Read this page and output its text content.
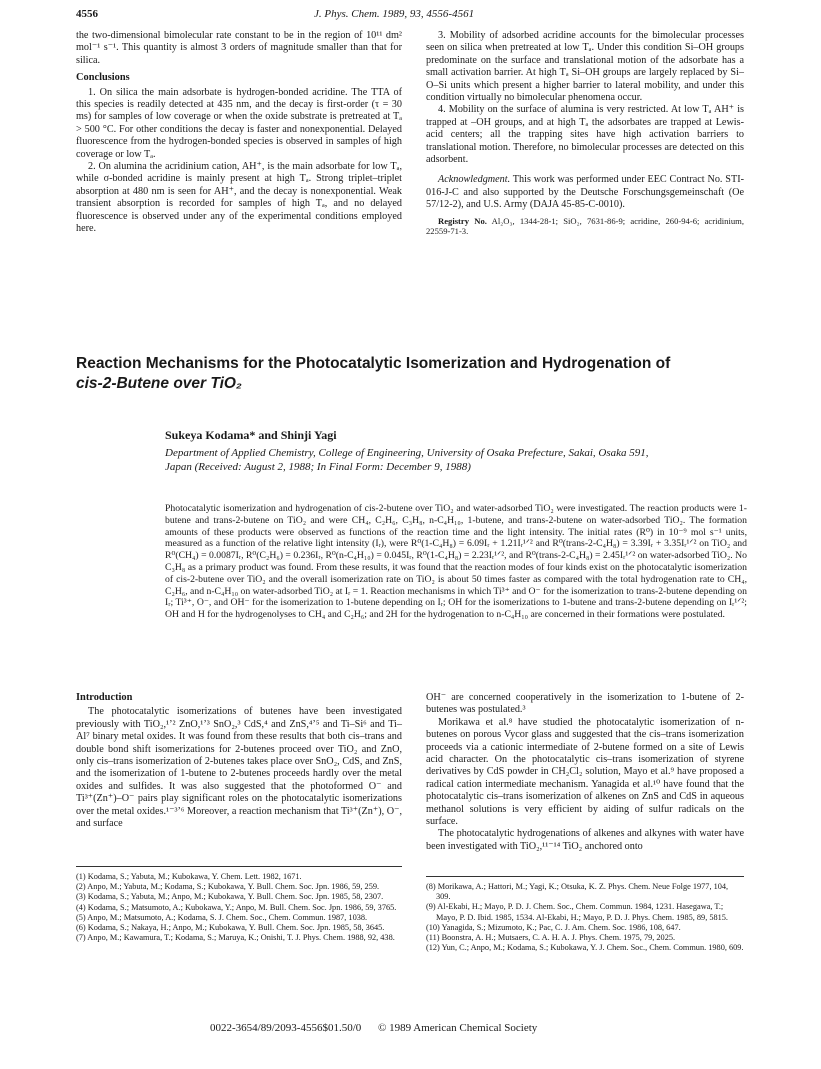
4556	J. Phys. Chem. 1989, 93, 4556-4561

the two-dimensional bimolecular rate constant to be in the region of 10¹¹ dm² mol⁻¹ s⁻¹. This quantity is almost 3 orders of magnitude smaller than that for silica.

Conclusions

1. On silica the main adsorbate is hydrogen-bonded acridine. The TTA of this species is readily detected at 435 nm, and the decay is first-order (τ = 30 ms) for samples of low coverage or when the oxide substrate is pretreated at Tₐ > 500 °C. For other conditions the decay is faster and nonexponential. Delayed fluorescence from the hydrogen-bonded species is observed in samples of high coverage or low Tₐ.

2. On alumina the acridinium cation, AH⁺, is the main adsorbate for low Tₐ, while σ-bonded acridine is mainly present at high Tₐ. Strong triplet–triplet absorption at 480 nm is seen for AH⁺, and the decay is nonexponential. Weak transient absorption is recorded for samples of high Tₐ, and no delayed fluorescence is observed under any of the experimental conditions employed here.

3. Mobility of adsorbed acridine accounts for the bimolecular processes seen on silica when pretreated at low Tₐ. Under this condition Si–OH groups predominate on the surface and translational motion of the adsorbate has a small activation barrier. At high Tₐ Si–OH groups are largely replaced by Si–O–Si units which present a higher barrier to lateral mobility, and under this condition virtually no bimolecular phenomena occur.

4. Mobility on the surface of alumina is very restricted. At low Tₐ AH⁺ is trapped at –OH groups, and at high Tₐ the adsorbates are trapped at Lewis-acid centers; all the trapping sites have high activation barriers to translational motion. Therefore, no bimolecular processes are detected on this adsorbent.

Acknowledgment. This work was performed under EEC Contract No. STI-016-J-C and also supported by the Deutsche Forschungsgemeinschaft (Oe 57/12-2), and U.S. Army (DAJA 45-85-C-0010).

Registry No. Al₂O₃, 1344-28-1; SiO₂, 7631-86-9; acridine, 260-94-6; acridinium, 22559-71-3.

Reaction Mechanisms for the Photocatalytic Isomerization and Hydrogenation of
cis-2-Butene over TiO₂
Sukeya Kodama* and Shinji Yagi
Department of Applied Chemistry, College of Engineering, University of Osaka Prefecture, Sakai, Osaka 591,
Japan (Received: August 2, 1988; In Final Form: December 9, 1988)
Photocatalytic isomerization and hydrogenation of cis-2-butene over TiO₂ and water-adsorbed TiO₂ were investigated. The reaction products were 1-butene and trans-2-butene on TiO₂ and were CH₄, C₂H₆, C₃H₈, n-C₄H₁₀, 1-butene, and trans-2-butene on water-adsorbed TiO₂. The formation amounts of these products were observed as functions of the reaction time and the light intensity. The initial rates (R⁰) in 10⁻⁹ mol s⁻¹ units, measured as a function of the relative light intensity (Iᵣ), were R⁰(1-C₄H₈) = 6.09Iᵣ + 1.21Iᵣ¹ᐟ² and R⁰(trans-2-C₄H₈) = 3.39Iᵣ + 3.35Iᵣ¹ᐟ² on TiO₂ and R⁰(CH₄) = 0.0087Iᵣ, R⁰(C₂H₆) = 0.236Iᵣ, R⁰(n-C₄H₁₀) = 0.045Iᵣ, R⁰(1-C₄H₈) = 2.23Iᵣ¹ᐟ², and R⁰(trans-2-C₄H₈) = 2.45Iᵣ¹ᐟ² on water-adsorbed TiO₂. No C₃H₈ as a primary product was found. From these results, it was found that the reaction modes of four kinds exist on the photocatalytic isomerization of cis-2-butene over TiO₂ and the overall isomerization rate on TiO₂ is about 50 times faster as compared with the total hydrogenation rate to CH₄, C₂H₆, and n-C₄H₁₀ on water-adsorbed TiO₂ at Iᵣ = 1. Reaction mechanisms in which Ti³⁺ and O⁻ for the isomerization to trans-2-butene depending on Iᵣ; Ti³⁺, O⁻, and OH⁻ for the isomerization to 1-butene depending on Iᵣ; OH for the isomerizations to 1-butene and trans-2-butene depending on Iᵣ¹ᐟ²; OH and H for the hydrogenolyses to CH₄ and C₂H₆; and 2H for the hydrogenation to n-C₄H₁₀ are concerned in their formations were postulated.
Introduction

The photocatalytic isomerizations of butenes have been investigated previously with TiO₂,¹ʼ² ZnO,¹ʼ³ SnO₂,³ CdS,⁴ and ZnS,⁴ʼ⁵ and Ti–Si⁶ and Ti–Al⁷ binary metal oxides. It was found from these results that both cis–trans and double bond shift isomerizations for 2-butenes proceed over TiO₂ and ZnO, only cis–trans isomerization of 2-butenes takes place over SnO₂, CdS, and ZnS, and the isomerization of 1-butene to 2-butenes proceeds hardly over the metal oxides and sulfides. It was also suggested that the photoformed O⁻ and Ti³⁺(Zn⁺)–O⁻ pairs play significant roles on the photocatalytic isomerizations over the metal oxides.¹⁻³ʼ⁶ Moreover, a reaction mechanism that Ti³⁺(Zn⁺), O⁻, and surface

OH⁻ are concerned cooperatively in the isomerization to 1-butene of 2-butenes was postulated.³

Morikawa et al.⁸ have studied the photocatalytic isomerization of n-butenes on porous Vycor glass and suggested that the cis–trans isomerization proceeds via a cationic intermediate of 2-butene formed on a site of Lewis acid character. On the photocatalytic cis–trans isomerization of styrene derivatives by CdS powder in CH₂Cl₂ solution, Mayo et al.⁹ have proposed a radical cation intermediate mechanism. Yanagida et al.¹⁰ have found that the photocatalytic cis–trans isomerization of alkenes on ZnS and CdS in aqueous methanol solutions is very efficient by aiding of sulfur radicals on the surface.

The photocatalytic hydrogenations of alkenes and alkynes with water have been investigated with TiO₂,¹¹⁻¹⁴ TiO₂ anchored onto

(1) Kodama, S.; Yabuta, M.; Kubokawa, Y. Chem. Lett. 1982, 1671.
(2) Anpo, M.; Yabuta, M.; Kodama, S.; Kubokawa, Y. Bull. Chem. Soc. Jpn. 1986, 59, 259.
(3) Kodama, S.; Yabuta, M.; Anpo, M.; Kubokawa, Y. Bull. Chem. Soc. Jpn. 1985, 58, 2307.
(4) Kodama, S.; Matsumoto, A.; Kubokawa, Y.; Anpo, M. Bull. Chem. Soc. Jpn. 1986, 59, 3765.
(5) Anpo, M.; Matsumoto, A.; Kodama, S. J. Chem. Soc., Chem. Commun. 1987, 1038.
(6) Kodama, S.; Nakaya, H.; Anpo, M.; Kubokawa, Y. Bull. Chem. Soc. Jpn. 1985, 58, 3645.
(7) Anpo, M.; Kawamura, T.; Kodama, S.; Maruya, K.; Onishi, T. J. Phys. Chem. 1988, 92, 438.
(8) Morikawa, A.; Hattori, M.; Yagi, K.; Otsuka, K. Z. Phys. Chem. Neue Folge 1977, 104, 309.
(9) Al-Ekabi, H.; Mayo, P. D. J. Chem. Soc., Chem. Commun. 1984, 1231. Hasegawa, T.; Mayo, P. D. Ibid. 1985, 1534. Al-Ekabi, H.; Mayo, P. D. J. Phys. Chem. 1985, 89, 5815.
(10) Yanagida, S.; Mizumoto, K.; Pac, C. J. Am. Chem. Soc. 1986, 108, 647.
(11) Boonstra, A. H.; Mutsaers, C. A. H. A. J. Phys. Chem. 1975, 79, 2025.
(12) Yun, C.; Anpo, M.; Kodama, S.; Kubokawa, Y. J. Chem. Soc., Chem. Commun. 1980, 609.
0022-3654/89/2093-4556$01.50/0 © 1989 American Chemical Society
